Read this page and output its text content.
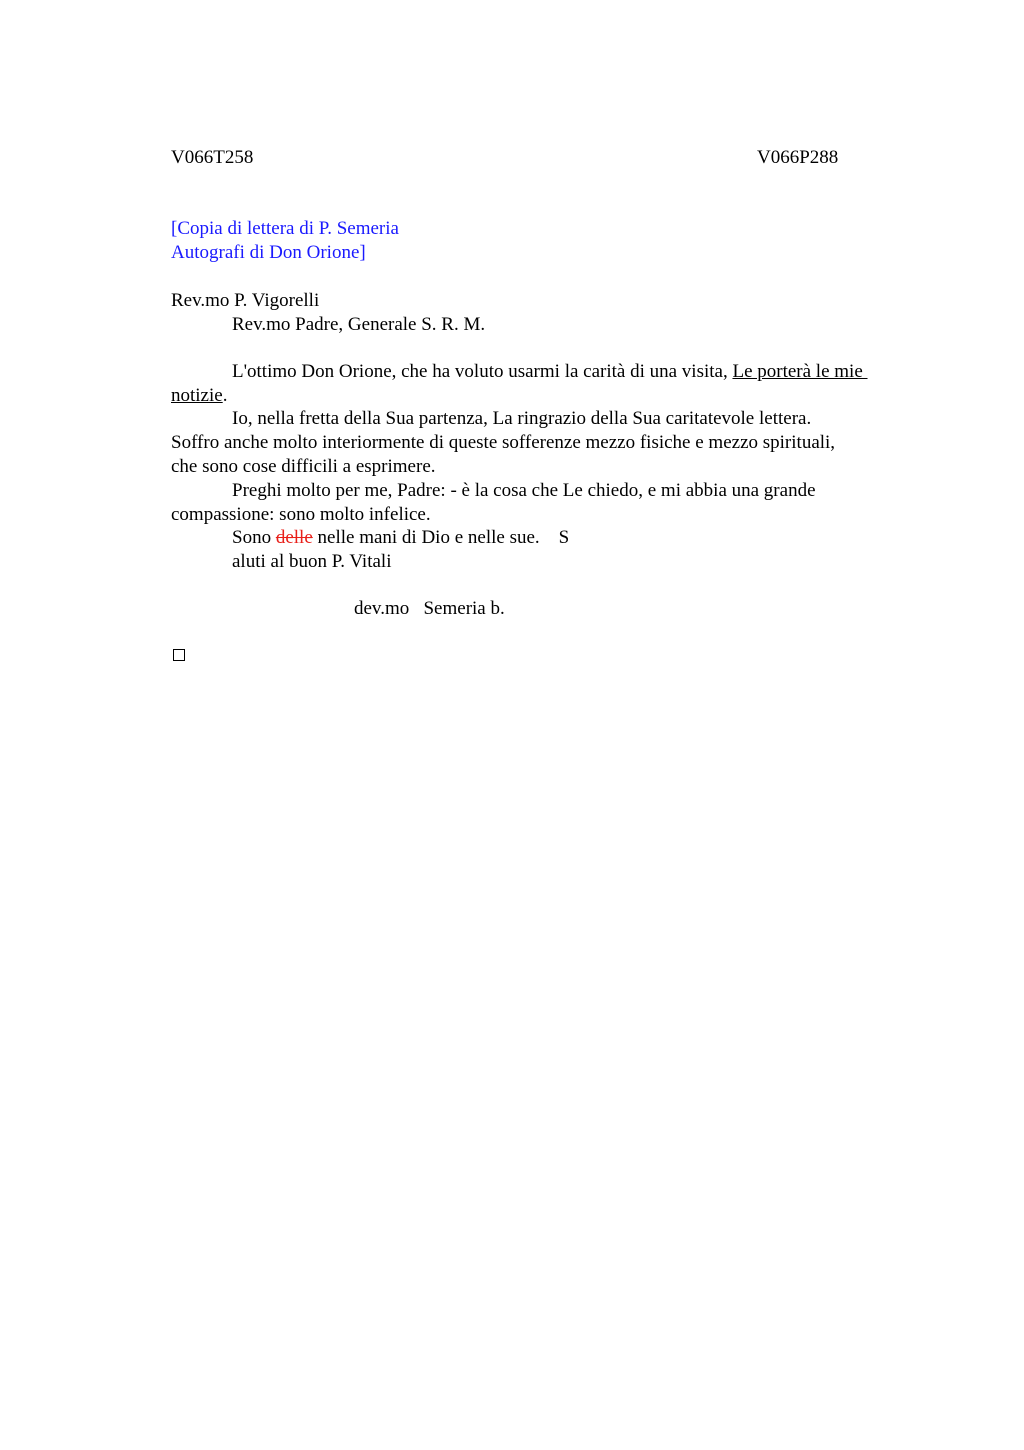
V066T258	V066P288
[Copia di lettera di P. Semeria
Autografi di Don Orione]
Rev.mo P. Vigorelli
Rev.mo Padre, Generale S. R. M.
L'ottimo Don Orione, che ha voluto usarmi la carità di una visita, Le porterà le mie
notizie.
Io, nella fretta della Sua partenza, La ringrazio della Sua caritatevole lettera.
Soffro anche molto interiormente di queste sofferenze mezzo fisiche e mezzo spirituali,
che sono cose difficili a esprimere.
Preghi molto per me, Padre: - è la cosa che Le chiedo, e mi abbia una grande
compassione: sono molto infelice.
Sono delle nelle mani di Dio e nelle sue.    S
aluti al buon P. Vitali
dev.mo   Semeria b.
